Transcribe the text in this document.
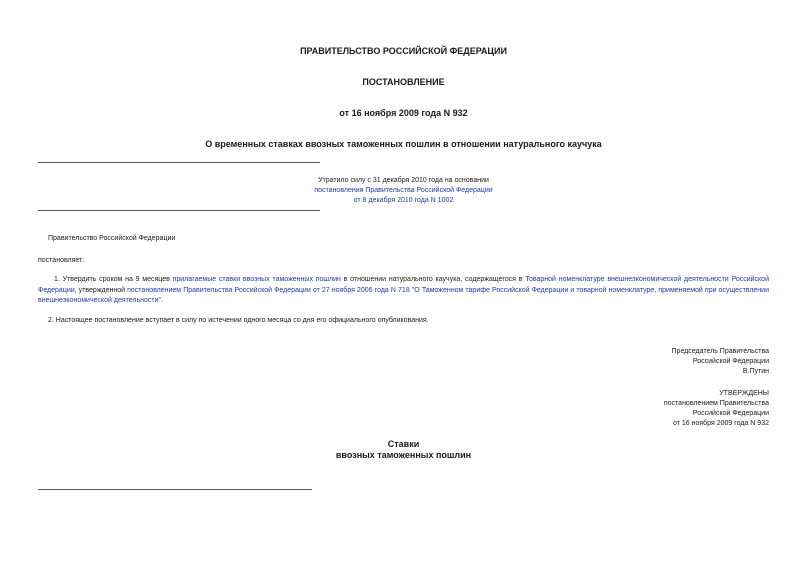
ПРАВИТЕЛЬСТВО РОССИЙСКОЙ ФЕДЕРАЦИИ
ПОСТАНОВЛЕНИЕ
от 16 ноября 2009 года N 932
О временных ставках ввозных таможенных пошлин в отношении натурального каучука
Утратило силу с 31 декабря 2010 года на основании
постановления Правительства Российской Федерации
от 8 декабря 2010 года N 1002
Правительство Российской Федерации
постановляет:
1. Утвердить сроком на 9 месяцев прилагаемые ставки ввозных таможенных пошлин в отношении натурального каучука, содержащегося в Товарной номенклатуре внешнеэкономической деятельности Российской Федерации, утвержденной постановлением Правительства Российской Федерации от 27 ноября 2006 года N 718 "О Таможенном тарифе Российской Федерации и товарной номенклатуре, применяемой при осуществлении внешнеэкономической деятельности".
2. Настоящее постановление вступает в силу по истечении одного месяца со дня его официального опубликования.
Председатель Правительства
Российской Федерации
В.Путин
УТВЕРЖДЕНЫ
постановлением Правительства
Российской Федерации
от 16 ноября 2009 года N 932
Ставки
ввозных таможенных пошлин
